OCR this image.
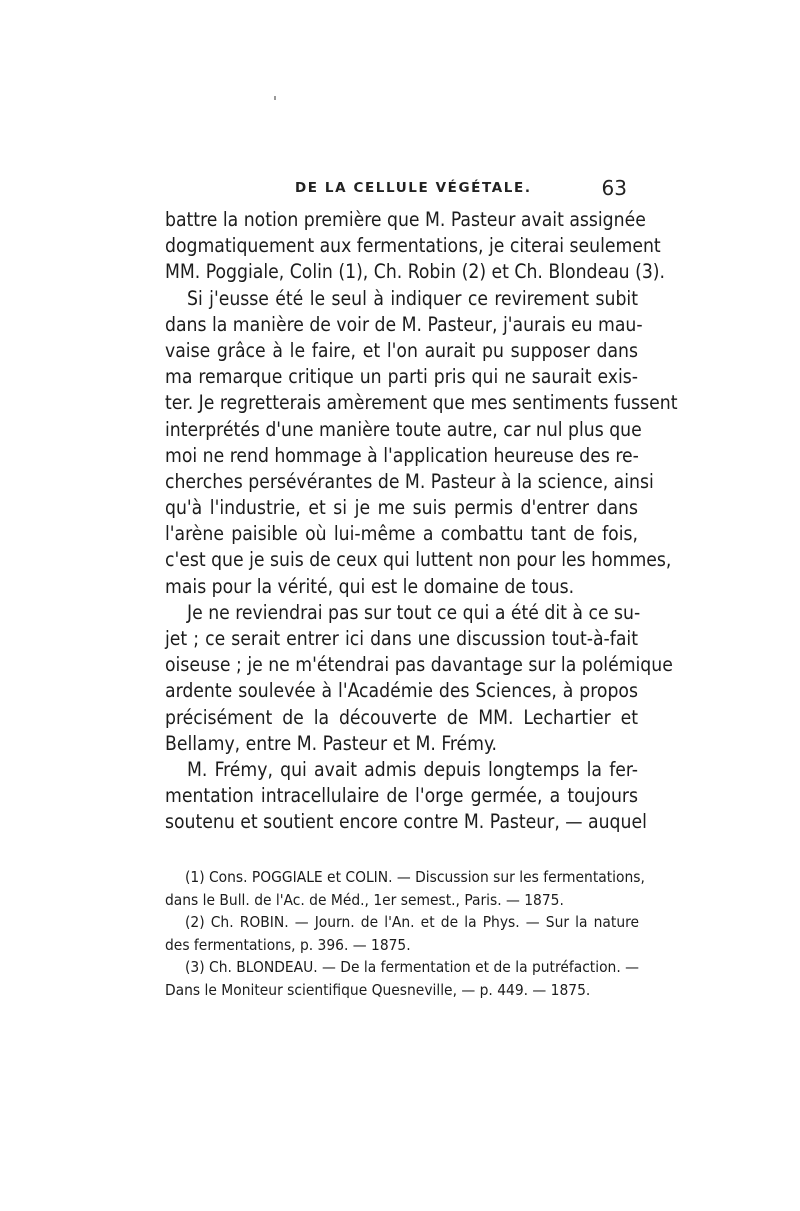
DE LA CELLULE VÉGÉTALE.	63
battre la notion première que M. Pasteur avait assignée
dogmatiquement aux fermentations, je citerai seulement
MM. Poggiale, Colin (1), Ch. Robin (2) et Ch. Blondeau (3).
Si j'eusse été le seul à indiquer ce revirement subit
dans la manière de voir de M. Pasteur, j'aurais eu mau-
vaise grâce à le faire, et l'on aurait pu supposer dans
ma remarque critique un parti pris qui ne saurait exis-
ter. Je regretterais amèrement que mes sentiments fussent
interprétés d'une manière toute autre, car nul plus que
moi ne rend hommage à l'application heureuse des re-
cherches persévérantes de M. Pasteur à la science, ainsi
qu'à l'industrie, et si je me suis permis d'entrer dans
l'arène paisible où lui-même a combattu tant de fois,
c'est que je suis de ceux qui luttent non pour les hommes,
mais pour la vérité, qui est le domaine de tous.
Je ne reviendrai pas sur tout ce qui a été dit à ce su-
jet ; ce serait entrer ici dans une discussion tout-à-fait
oiseuse ; je ne m'étendrai pas davantage sur la polémique
ardente soulevée à l'Académie des Sciences, à propos
précisément de la découverte de MM. Lechartier et
Bellamy, entre M. Pasteur et M. Frémy.
M. Frémy, qui avait admis depuis longtemps la fer-
mentation intracellulaire de l'orge germée, a toujours
soutenu et soutient encore contre M. Pasteur, — auquel
(1) Cons. POGGIALE et COLIN. — Discussion sur les fermentations,
dans le Bull. de l'Ac. de Méd., 1er semest., Paris. — 1875.
(2) Ch. ROBIN. — Journ. de l'An. et de la Phys. — Sur la nature
des fermentations, p. 396. — 1875.
(3) Ch. BLONDEAU. — De la fermentation et de la putréfaction. —
Dans le Moniteur scientifique Quesneville, — p. 449. — 1875.
